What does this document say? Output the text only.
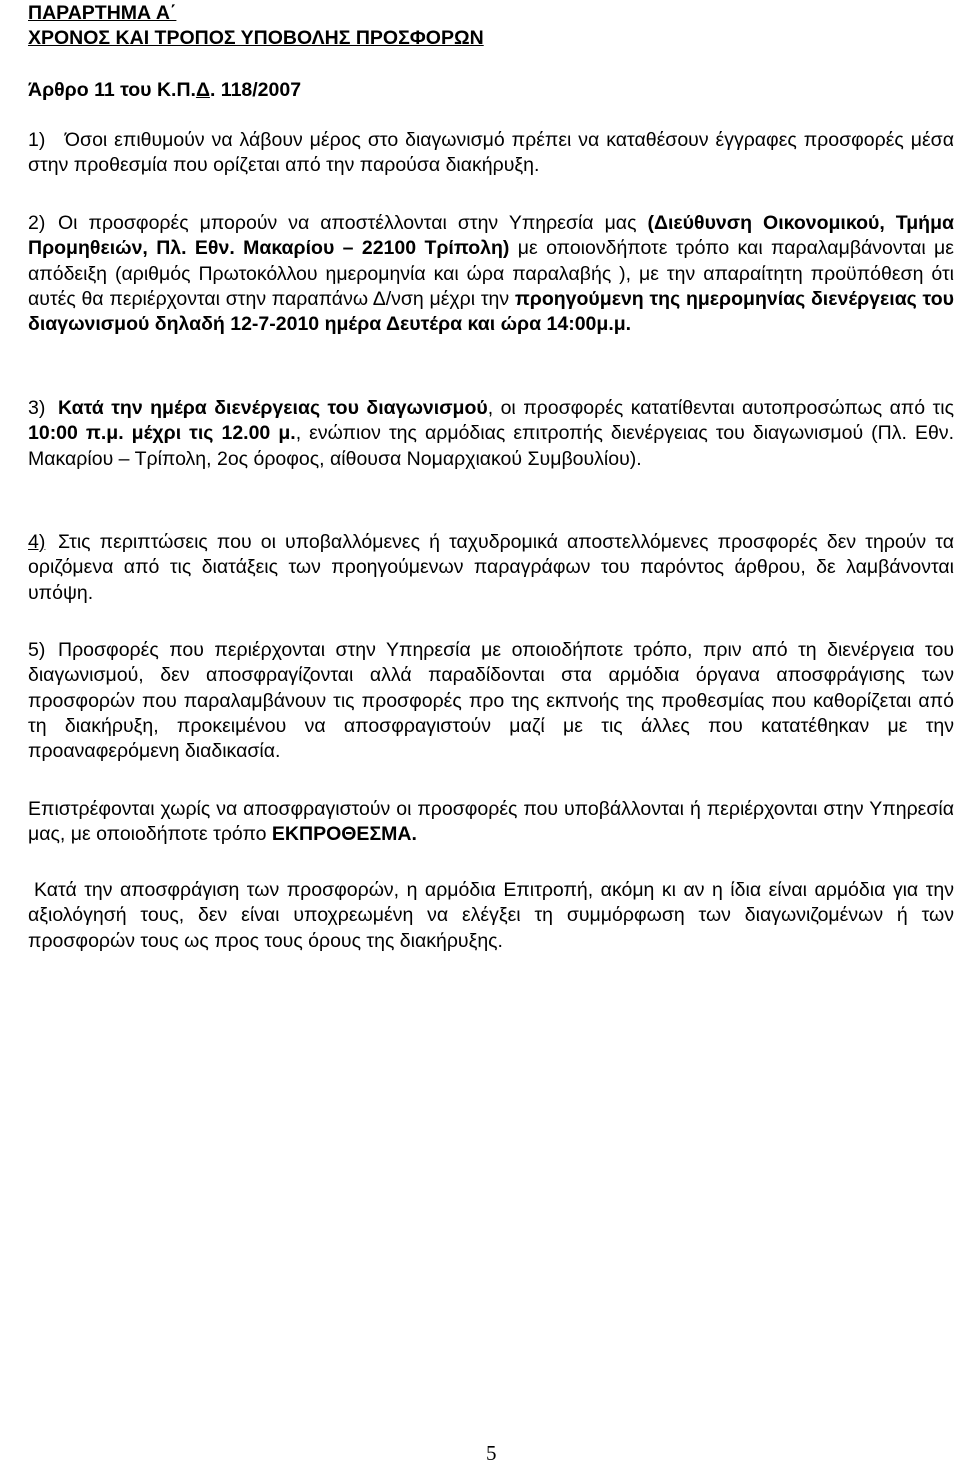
ΠΑΡΑΡΤΗΜΑ Α΄
ΧΡΟΝΟΣ ΚΑΙ ΤΡΟΠΟΣ ΥΠΟΒΟΛΗΣ ΠΡΟΣΦΟΡΩΝ
Άρθρο 11 του Κ.Π.Δ. 118/2007
1) Όσοι επιθυμούν να λάβουν μέρος στο διαγωνισμό πρέπει να καταθέσουν έγγραφες προσφορές μέσα στην προθεσμία που ορίζεται από την παρούσα διακήρυξη.
2) Οι προσφορές μπορούν να αποστέλλονται στην Υπηρεσία μας (Διεύθυνση Οικονομικού, Τμήμα Προμηθειών, Πλ. Εθν. Μακαρίου – 22100 Τρίπολη) με οποιονδήποτε τρόπο και παραλαμβάνονται με απόδειξη (αριθμός Πρωτοκόλλου ημερομηνία και ώρα παραλαβής ), με την απαραίτητη προϋπόθεση ότι αυτές θα περιέρχονται στην παραπάνω Δ/νση μέχρι την προηγούμενη της ημερομηνίας διενέργειας του διαγωνισμού δηλαδή 12-7-2010 ημέρα Δευτέρα και ώρα 14:00μ.μ.
3) Κατά την ημέρα διενέργειας του διαγωνισμού, οι προσφορές κατατίθενται αυτοπροσώπως από τις 10:00 π.μ. μέχρι τις 12.00 μ., ενώπιον της αρμόδιας επιτροπής διενέργειας του διαγωνισμού (Πλ. Εθν. Μακαρίου – Τρίπολη, 2ος όροφος, αίθουσα Νομαρχιακού Συμβουλίου).
4) Στις περιπτώσεις που οι υποβαλλόμενες ή ταχυδρομικά αποστελλόμενες προσφορές δεν τηρούν τα οριζόμενα από τις διατάξεις των προηγούμενων παραγράφων του παρόντος άρθρου, δε λαμβάνονται υπόψη.
5) Προσφορές που περιέρχονται στην Υπηρεσία με οποιοδήποτε τρόπο, πριν από τη διενέργεια του διαγωνισμού, δεν αποσφραγίζονται αλλά παραδίδονται στα αρμόδια όργανα αποσφράγισης των προσφορών που παραλαμβάνουν τις προσφορές προ της εκπνοής της προθεσμίας που καθορίζεται από τη διακήρυξη, προκειμένου να αποσφραγιστούν μαζί με τις άλλες που κατατέθηκαν με την προαναφερόμενη διαδικασία.
Επιστρέφονται χωρίς να αποσφραγιστούν οι προσφορές που υποβάλλονται ή περιέρχονται στην Υπηρεσία μας, με οποιοδήποτε τρόπο ΕΚΠΡΟΘΕΣΜΑ.
Κατά την αποσφράγιση των προσφορών, η αρμόδια Επιτροπή, ακόμη κι αν η ίδια είναι αρμόδια για την αξιολόγησή τους, δεν είναι υποχρεωμένη να ελέγξει τη συμμόρφωση των διαγωνιζομένων ή των προσφορών τους ως προς τους όρους της διακήρυξης.
5
